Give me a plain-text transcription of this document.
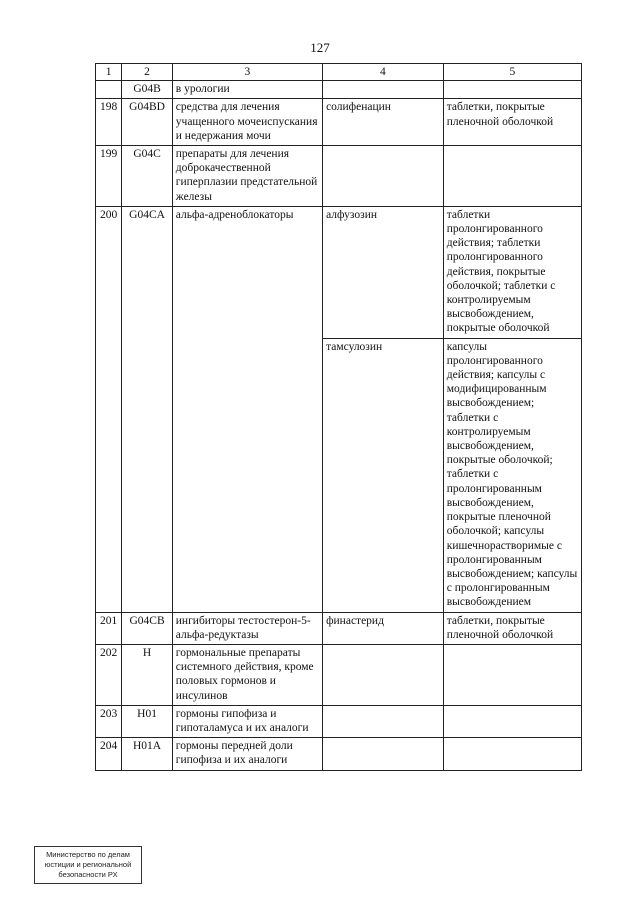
127
1	2	3	4	5
	G04B	в урологии		
198	G04BD	средства для лечения учащенного мочеиспускания и недержания мочи	солифенацин	таблетки, покрытые пленочной оболочкой
199	G04C	препараты для лечения доброкачественной гиперплазии предстательной железы		
200	G04CA	альфа-адреноблокаторы	алфузозин	таблетки пролонгированного действия; таблетки пролонгированного действия, покрытые оболочкой; таблетки с контролируемым высвобождением, покрытые оболочкой
			тамсулозин	капсулы пролонгированного действия; капсулы с модифицированным высвобождением; таблетки с контролируемым высвобождением, покрытые оболочкой; таблетки с пролонгированным высвобождением, покрытые пленочной оболочкой; капсулы кишечнорастворимые с пролонгированным высвобождением; капсулы с пролонгированным высвобождением
201	G04CB	ингибиторы тестостерон-5-альфа-редуктазы	финастерид	таблетки, покрытые пленочной оболочкой
202	H	гормональные препараты системного действия, кроме половых гормонов и инсулинов		
203	H01	гормоны гипофиза и гипоталамуса и их аналоги		
204	H01A	гормоны передней доли гипофиза и их аналоги		
Министерство по делам
юстиции и региональной
безопасности РХ
